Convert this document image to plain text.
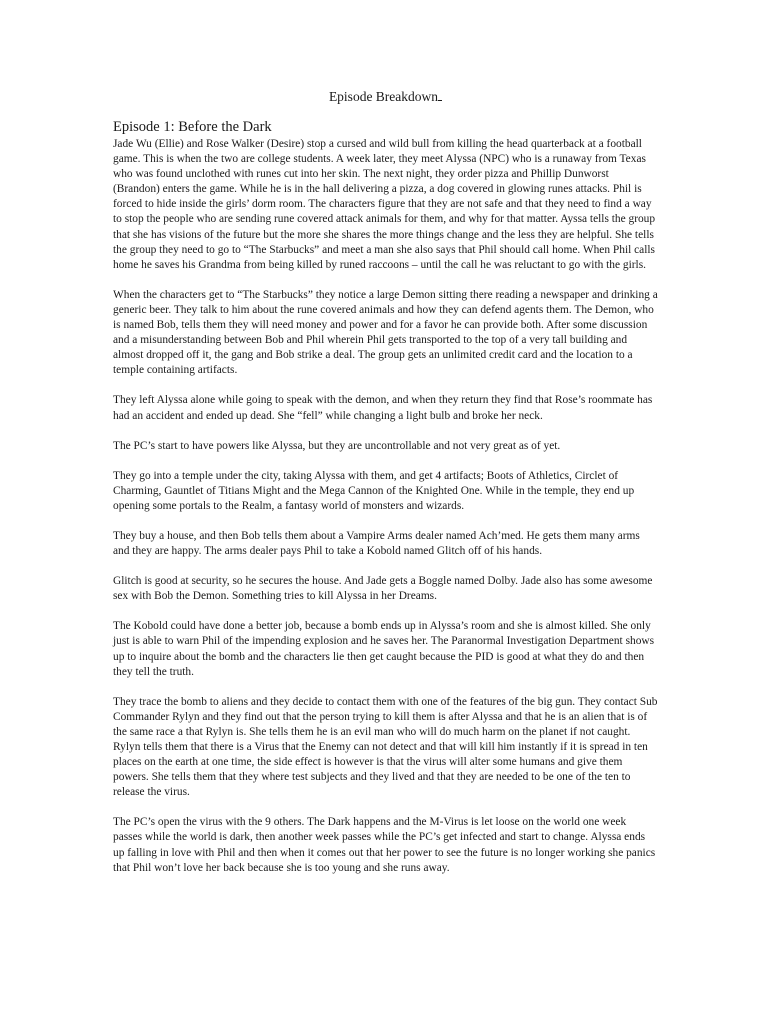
Episode Breakdown
Episode 1: Before the Dark

Jade Wu (Ellie) and Rose Walker (Desire) stop a cursed and wild bull from killing the head quarterback at a football game. This is when the two are college students. A week later, they meet Alyssa (NPC) who is a runaway from Texas who was found unclothed with runes cut into her skin. The next night, they order pizza and Phillip Dunworst (Brandon) enters the game. While he is in the hall delivering a pizza, a dog covered in glowing runes attacks. Phil is forced to hide inside the girls’ dorm room. The characters figure that they are not safe and that they need to find a way to stop the people who are sending rune covered attack animals for them, and why for that matter. Ayssa tells the group that she has visions of the future but the more she shares the more things change and the less they are helpful. She tells the group they need to go to “The Starbucks” and meet a man she also says that Phil should call home. When Phil calls home he saves his Grandma from being killed by runed raccoons – until the call he was reluctant to go with the girls.

When the characters get to “The Starbucks” they notice a large Demon sitting there reading a newspaper and drinking a generic beer. They talk to him about the rune covered animals and how they can defend agents them. The Demon, who is named Bob, tells them they will need money and power and for a favor he can provide both. After some discussion and a misunderstanding between Bob and Phil wherein Phil gets transported to the top of a very tall building and almost dropped off it, the gang and Bob strike a deal. The group gets an unlimited credit card and the location to a temple containing artifacts.

They left Alyssa alone while going to speak with the demon, and when they return they find that Rose’s roommate has had an accident and ended up dead. She “fell” while changing a light bulb and broke her neck.

The PC’s start to have powers like Alyssa, but they are uncontrollable and not very great as of yet.

They go into a temple under the city, taking Alyssa with them, and get 4 artifacts; Boots of Athletics, Circlet of Charming, Gauntlet of Titians Might and the Mega Cannon of the Knighted One. While in the temple, they end up opening some portals to the Realm, a fantasy world of monsters and wizards.

They buy a house, and then Bob tells them about a Vampire Arms dealer named Ach’med. He gets them many arms and they are happy. The arms dealer pays Phil to take a Kobold named Glitch off of his hands.

Glitch is good at security, so he secures the house. And Jade gets a Boggle named Dolby. Jade also has some awesome sex with Bob the Demon. Something tries to kill Alyssa in her Dreams.

The Kobold could have done a better job, because a bomb ends up in Alyssa’s room and she is almost killed. She only just is able to warn Phil of the impending explosion and he saves her. The Paranormal Investigation Department shows up to inquire about the bomb and the characters lie then get caught because the PID is good at what they do and then they tell the truth.

They trace the bomb to aliens and they decide to contact them with one of the features of the big gun. They contact Sub Commander Rylyn and they find out that the person trying to kill them is after Alyssa and that he is an alien that is of the same race a that Rylyn is. She tells them he is an evil man who will do much harm on the planet if not caught. Rylyn tells them that there is a Virus that the Enemy can not detect and that will kill him instantly if it is spread in ten places on the earth at one time, the side effect is however is that the virus will alter some humans and give them powers. She tells them that they where test subjects and they lived and that they are needed to be one of the ten to release the virus.

The PC’s open the virus with the 9 others. The Dark happens and the M-Virus is let loose on the world one week passes while the world is dark, then another week passes while the PC’s get infected and start to change. Alyssa ends up falling in love with Phil and then when it comes out that her power to see the future is no longer working she panics that Phil won’t love her back because she is too young and she runs away.
